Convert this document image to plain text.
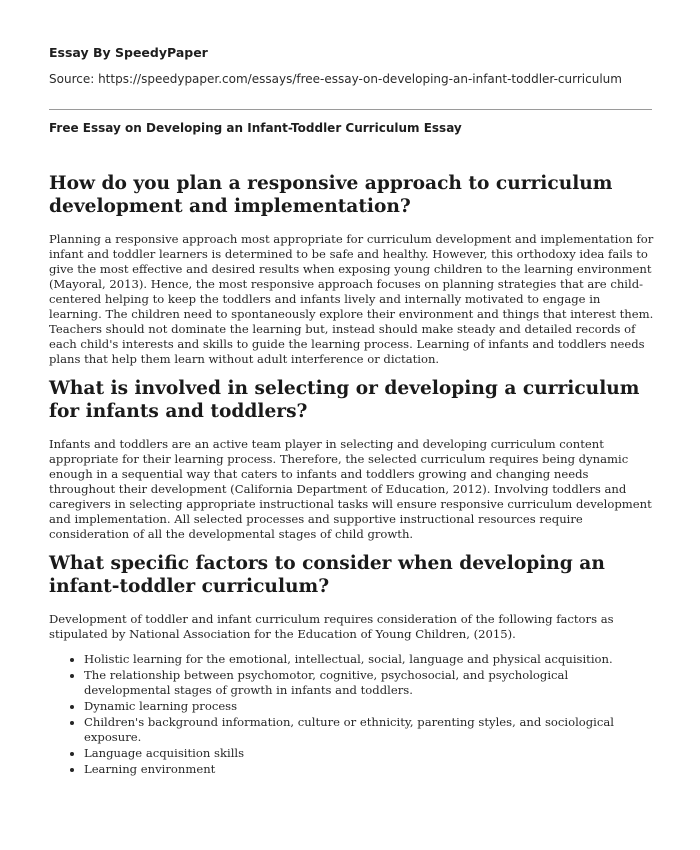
Essay By SpeedyPaper
Source: https://speedypaper.com/essays/free-essay-on-developing-an-infant-toddler-curriculum
Free Essay on Developing an Infant-Toddler Curriculum Essay
How do you plan a responsive approach to curriculum development and implementation?

Planning a responsive approach most appropriate for curriculum development and implementation for infant and toddler learners is determined to be safe and healthy. However, this orthodoxy idea fails to give the most effective and desired results when exposing young children to the learning environment (Mayoral, 2013). Hence, the most responsive approach focuses on planning strategies that are child-centered helping to keep the toddlers and infants lively and internally motivated to engage in learning. The children need to spontaneously explore their environment and things that interest them. Teachers should not dominate the learning but, instead should make steady and detailed records of each child's interests and skills to guide the learning process. Learning of infants and toddlers needs plans that help them learn without adult interference or dictation.

What is involved in selecting or developing a curriculum for infants and toddlers?

Infants and toddlers are an active team player in selecting and developing curriculum content appropriate for their learning process. Therefore, the selected curriculum requires being dynamic enough in a sequential way that caters to infants and toddlers growing and changing needs throughout their development (California Department of Education, 2012). Involving toddlers and caregivers in selecting appropriate instructional tasks will ensure responsive curriculum development and implementation. All selected processes and supportive instructional resources require consideration of all the developmental stages of child growth.

What specific factors to consider when developing an infant-toddler curriculum?

Development of toddler and infant curriculum requires consideration of the following factors as stipulated by National Association for the Education of Young Children, (2015).

• Holistic learning for the emotional, intellectual, social, language and physical acquisition.
• The relationship between psychomotor, cognitive, psychosocial, and psychological developmental stages of growth in infants and toddlers.
• Dynamic learning process
• Children's background information, culture or ethnicity, parenting styles, and sociological exposure.
• Language acquisition skills
• Learning environment
